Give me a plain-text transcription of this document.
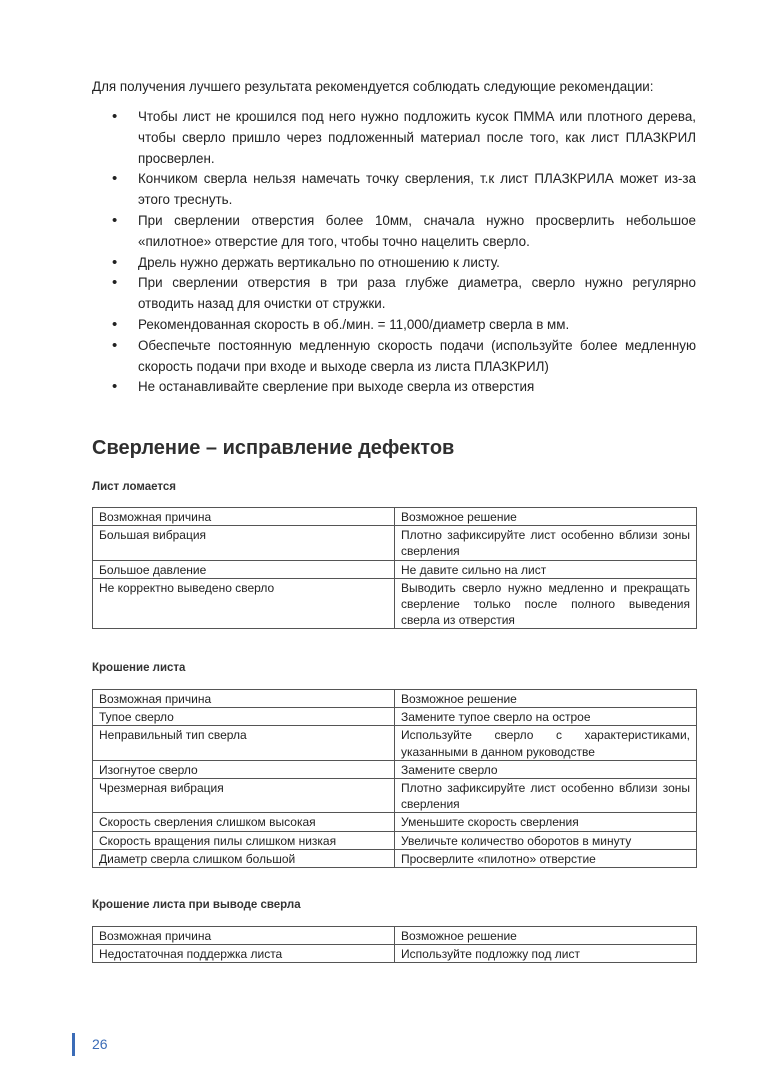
Для получения лучшего результата рекомендуется соблюдать следующие рекомендации:
• Чтобы лист не крошился под него нужно подложить кусок ПММА или плотного дерева, чтобы сверло пришло через подложенный материал после того, как лист ПЛАЗКРИЛ просверлен.
• Кончиком сверла нельзя намечать точку сверления, т.к лист ПЛАЗКРИЛА может из-за этого треснуть.
• При сверлении отверстия более 10мм, сначала нужно просверлить небольшое «пилотное» отверстие для того, чтобы точно нацелить сверло.
• Дрель нужно держать вертикально по отношению к листу.
• При сверлении отверстия в три раза глубже диаметра, сверло нужно регулярно отводить назад для очистки от стружки.
• Рекомендованная скорость в об./мин. = 11,000/диаметр сверла в мм.
• Обеспечьте постоянную медленную скорость подачи (используйте более медленную скорость подачи при входе и выходе сверла из листа ПЛАЗКРИЛ)
• Не останавливайте сверление при выходе сверла из отверстия
Сверление – исправление дефектов
Лист ломается
Возможная причина	Возможное решение
Большая вибрация	Плотно зафиксируйте лист особенно вблизи зоны сверления
Большое давление	Не давите сильно на лист
Не корректно выведено сверло	Выводить сверло нужно медленно и прекращать сверление только после полного выведения сверла из отверстия
Крошение листа
Возможная причина	Возможное решение
Тупое сверло	Замените тупое сверло на острое
Неправильный тип сверла	Используйте сверло с характеристиками, указанными в данном руководстве
Изогнутое сверло	Замените сверло
Чрезмерная вибрация	Плотно зафиксируйте лист особенно вблизи зоны сверления
Скорость сверления слишком высокая	Уменьшите скорость сверления
Скорость вращения пилы слишком низкая	Увеличьте количество оборотов в минуту
Диаметр сверла слишком большой	Просверлите «пилотно» отверстие
Крошение листа при выводе сверла
Возможная причина	Возможное решение
Недостаточная поддержка листа	Используйте подложку под лист
26
